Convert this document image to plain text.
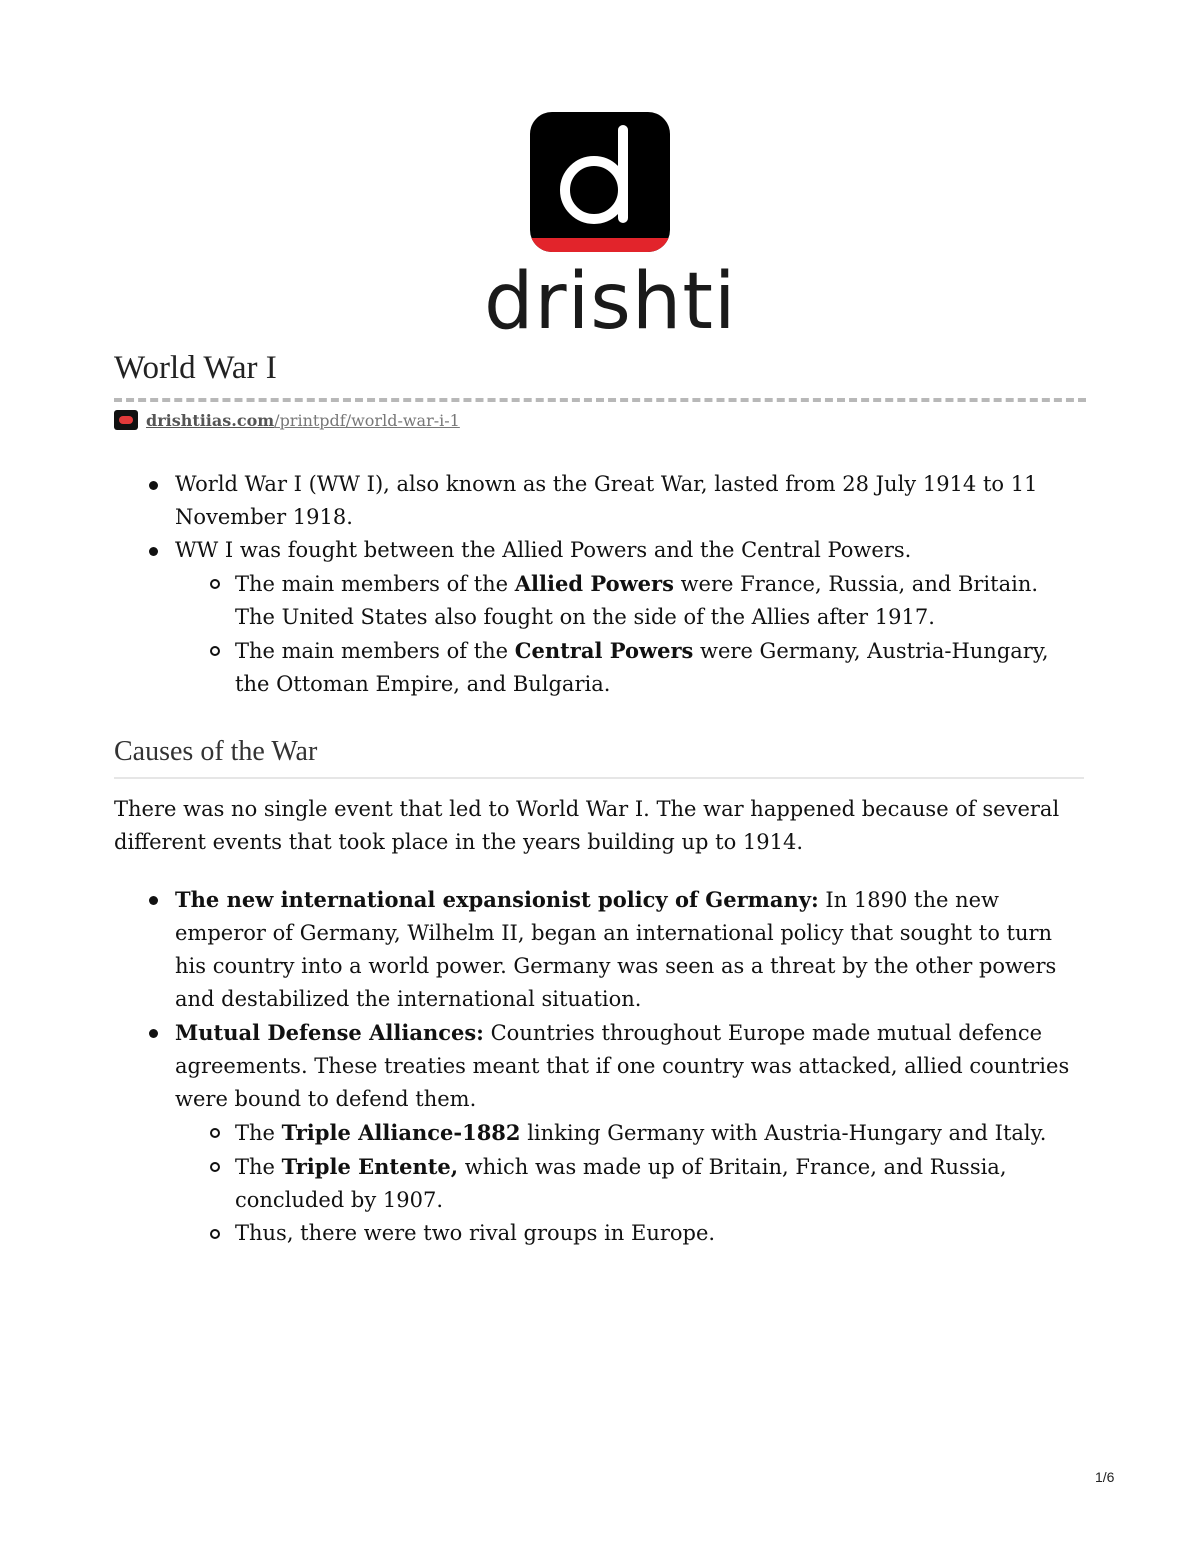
drishti
World War I
drishtiias.com /printpdf/world-war-i-1
World War I (WW I), also known as the Great War, lasted from 28 July 1914 to 11 November 1918.
WW I was fought between the Allied Powers and the Central Powers.
The main members of the Allied Powers were France, Russia, and Britain. The United States also fought on the side of the Allies after 1917.
The main members of the Central Powers were Germany, Austria-Hungary, the Ottoman Empire, and Bulgaria.
Causes of the War

There was no single event that led to World War I. The war happened because of several different events that took place in the years building up to 1914.

The new international expansionist policy of Germany: In 1890 the new emperor of Germany, Wilhelm II, began an international policy that sought to turn his country into a world power. Germany was seen as a threat by the other powers and destabilized the international situation.
Mutual Defense Alliances: Countries throughout Europe made mutual defence agreements. These treaties meant that if one country was attacked, allied countries were bound to defend them.
The Triple Alliance-1882 linking Germany with Austria-Hungary and Italy.
The Triple Entente, which was made up of Britain, France, and Russia, concluded by 1907.
Thus, there were two rival groups in Europe.
1/6
